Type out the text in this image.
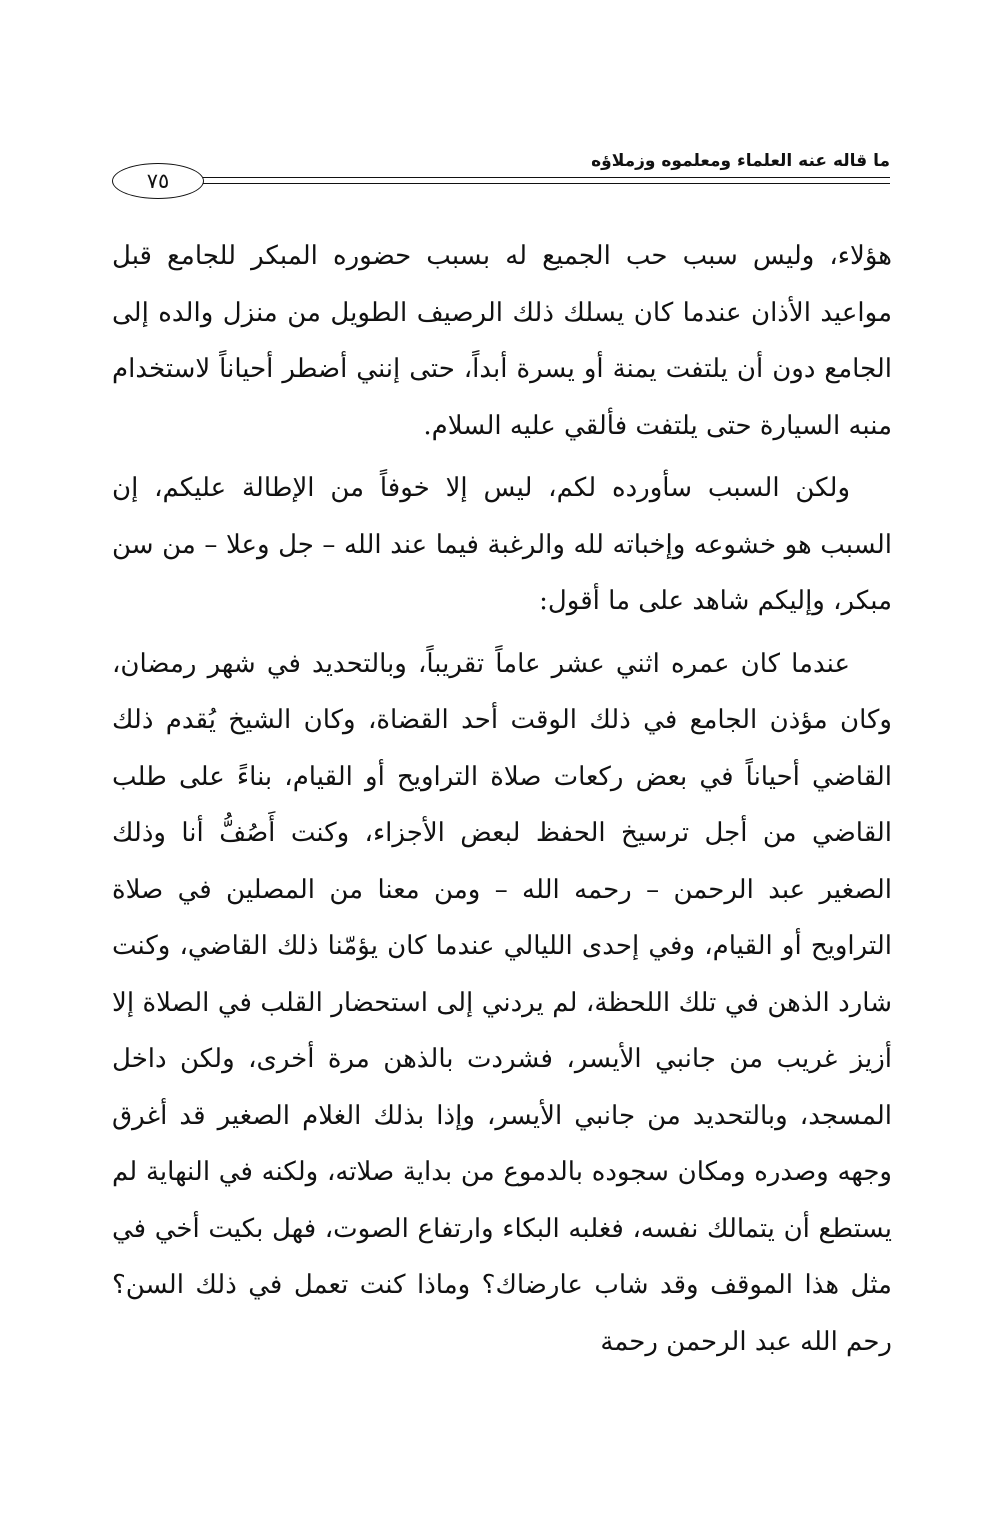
ما قاله عنه العلماء ومعلموه وزملاؤه
٧٥

هؤلاء، وليس سبب حب الجميع له بسبب حضوره المبكر للجامع قبل مواعيد الأذان عندما كان يسلك ذلك الرصيف الطويل من منزل والده إلى الجامع دون أن يلتفت يمنة أو يسرة أبداً، حتى إنني أضطر أحياناً لاستخدام منبه السيارة حتى يلتفت فألقي عليه السلام.

ولكن السبب سأورده لكم، ليس إلا خوفاً من الإطالة عليكم، إن السبب هو خشوعه وإخباته لله والرغبة فيما عند الله – جل وعلا – من سن مبكر، وإليكم شاهد على ما أقول:

عندما كان عمره اثني عشر عاماً تقريباً، وبالتحديد في شهر رمضان، وكان مؤذن الجامع في ذلك الوقت أحد القضاة، وكان الشيخ يُقدم ذلك القاضي أحياناً في بعض ركعات صلاة التراويح أو القيام، بناءً على طلب القاضي من أجل ترسيخ الحفظ لبعض الأجزاء، وكنت أَصُفُّ أنا وذلك الصغير عبد الرحمن – رحمه الله – ومن معنا من المصلين في صلاة التراويح أو القيام، وفي إحدى الليالي عندما كان يؤمّنا ذلك القاضي، وكنت شارد الذهن في تلك اللحظة، لم يردني إلى استحضار القلب في الصلاة إلا أزيز غريب من جانبي الأيسر، فشردت بالذهن مرة أخرى، ولكن داخل المسجد، وبالتحديد من جانبي الأيسر، وإذا بذلك الغلام الصغير قد أغرق وجهه وصدره ومكان سجوده بالدموع من بداية صلاته، ولكنه في النهاية لم يستطع أن يتمالك نفسه، فغلبه البكاء وارتفاع الصوت، فهل بكيت أخي في مثل هذا الموقف وقد شاب عارضاك؟ وماذا كنت تعمل في ذلك السن؟ رحم الله عبد الرحمن رحمة
